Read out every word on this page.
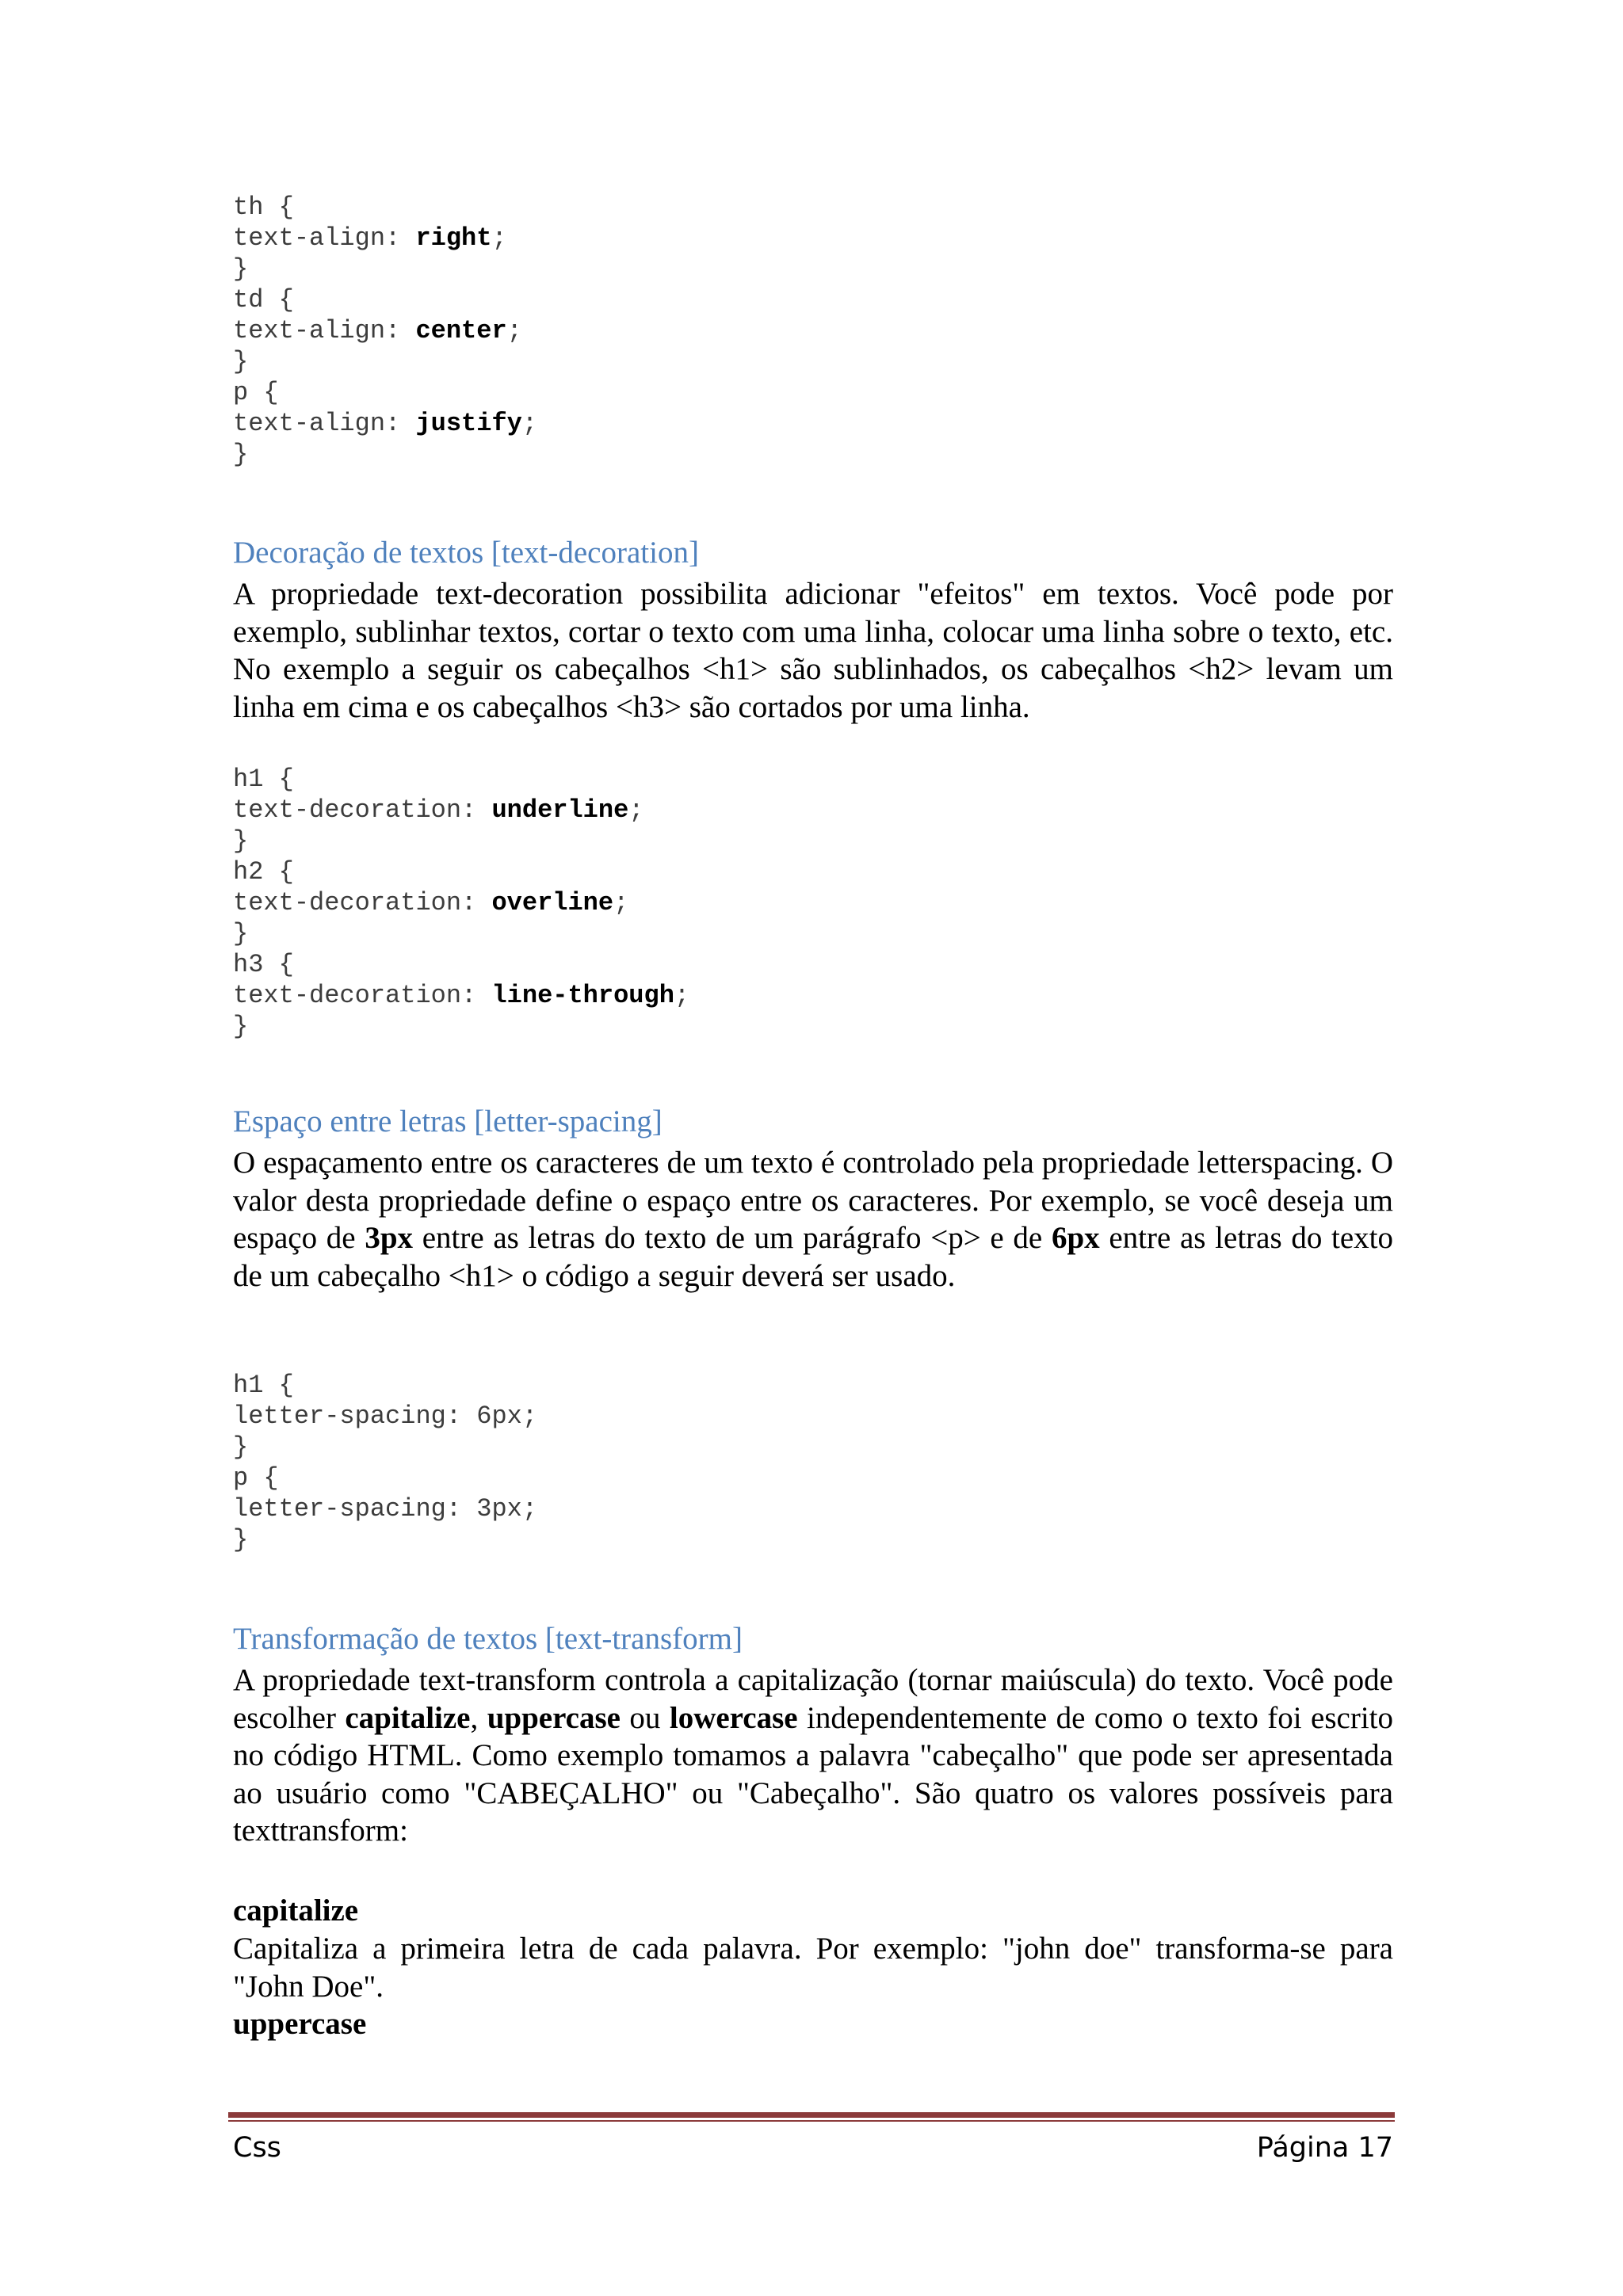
th {
text-align: right;
}
td {
text-align: center;
}
p {
text-align: justify;
}
Decoração de textos [text-decoration]

A propriedade text-decoration possibilita adicionar "efeitos" em textos. Você pode por exemplo, sublinhar textos, cortar o texto com uma linha, colocar uma linha sobre o texto, etc. No exemplo a seguir os cabeçalhos <h1> são sublinhados, os cabeçalhos <h2> levam um linha em cima e os cabeçalhos <h3> são cortados por uma linha.

h1 {
text-decoration: underline;
}
h2 {
text-decoration: overline;
}
h3 {
text-decoration: line-through;
}
Espaço entre letras [letter-spacing]

O espaçamento entre os caracteres de um texto é controlado pela propriedade letterspacing. O valor desta propriedade define o espaço entre os caracteres. Por exemplo, se você deseja um espaço de 3px entre as letras do texto de um parágrafo <p> e de 6px entre as letras do texto de um cabeçalho <h1> o código a seguir deverá ser usado.

h1 {
letter-spacing: 6px;
}
p {
letter-spacing: 3px;
}
Transformação de textos [text-transform]

A propriedade text-transform controla a capitalização (tornar maiúscula) do texto. Você pode escolher capitalize, uppercase ou lowercase independentemente de como o texto foi escrito no código HTML. Como exemplo tomamos a palavra "cabeçalho" que pode ser apresentada ao usuário como "CABEÇALHO" ou "Cabeçalho". São quatro os valores possíveis para texttransform:

capitalize

Capitaliza a primeira letra de cada palavra. Por exemplo: "john doe" transforma-se para "John Doe".

uppercase

Css	Página 17
